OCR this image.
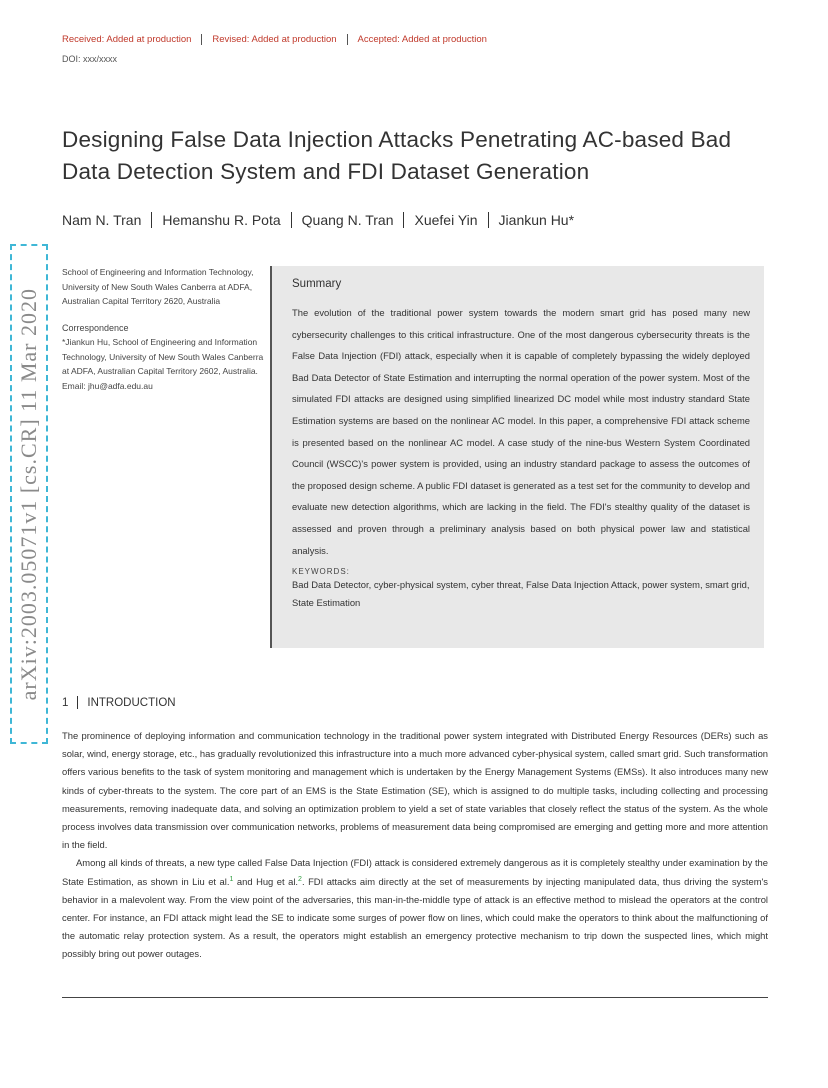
Received: Added at production	Revised: Added at production	Accepted: Added at production
DOI: xxx/xxxx
Designing False Data Injection Attacks Penetrating AC-based Bad Data Detection System and FDI Dataset Generation
Nam N. Tran	Hemanshu R. Pota	Quang N. Tran	Xuefei Yin	Jiankun Hu*
arXiv:2003.05071v1 [cs.CR] 11 Mar 2020
School of Engineering and Information Technology, University of New South Wales Canberra at ADFA, Australian Capital Territory 2620, Australia
Correspondence
*Jiankun Hu, School of Engineering and Information Technology, University of New South Wales Canberra at ADFA, Australian Capital Territory 2602, Australia. Email: jhu@adfa.edu.au
Summary

The evolution of the traditional power system towards the modern smart grid has posed many new cybersecurity challenges to this critical infrastructure. One of the most dangerous cybersecurity threats is the False Data Injection (FDI) attack, especially when it is capable of completely bypassing the widely deployed Bad Data Detector of State Estimation and interrupting the normal operation of the power system. Most of the simulated FDI attacks are designed using simplified linearized DC model while most industry standard State Estimation systems are based on the nonlinear AC model. In this paper, a comprehensive FDI attack scheme is presented based on the nonlinear AC model. A case study of the nine-bus Western System Coordinated Council (WSCC)'s power system is provided, using an industry standard package to assess the outcomes of the proposed design scheme. A public FDI dataset is generated as a test set for the community to develop and evaluate new detection algorithms, which are lacking in the field. The FDI's stealthy quality of the dataset is assessed and proven through a preliminary analysis based on both physical power law and statistical analysis.

KEYWORDS:
Bad Data Detector, cyber-physical system, cyber threat, False Data Injection Attack, power system, smart grid, State Estimation
1	INTRODUCTION

The prominence of deploying information and communication technology in the traditional power system integrated with Distributed Energy Resources (DERs) such as solar, wind, energy storage, etc., has gradually revolutionized this infrastructure into a much more advanced cyber-physical system, called smart grid. Such transformation offers various benefits to the task of system monitoring and management which is undertaken by the Energy Management Systems (EMSs). It also introduces many new kinds of cyber-threats to the system. The core part of an EMS is the State Estimation (SE), which is assigned to do multiple tasks, including collecting and processing measurements, removing inadequate data, and solving an optimization problem to yield a set of state variables that closely reflect the status of the system. As the whole process involves data transmission over communication networks, problems of measurement data being compromised are emerging and getting more and more attention in the field.

Among all kinds of threats, a new type called False Data Injection (FDI) attack is considered extremely dangerous as it is completely stealthy under examination by the State Estimation, as shown in Liu et al.$^1$ and Hug et al.$^2$. FDI attacks aim directly at the set of measurements by injecting manipulated data, thus driving the system's behavior in a malevolent way. From the view point of the adversaries, this man-in-the-middle type of attack is an effective method to mislead the operators at the control center. For instance, an FDI attack might lead the SE to indicate some surges of power flow on lines, which could make the operators to think about the malfunctioning of the automatic relay protection system. As a result, the operators might establish an emergency protective mechanism to trip down the suspected lines, which might possibly bring out power outages.
